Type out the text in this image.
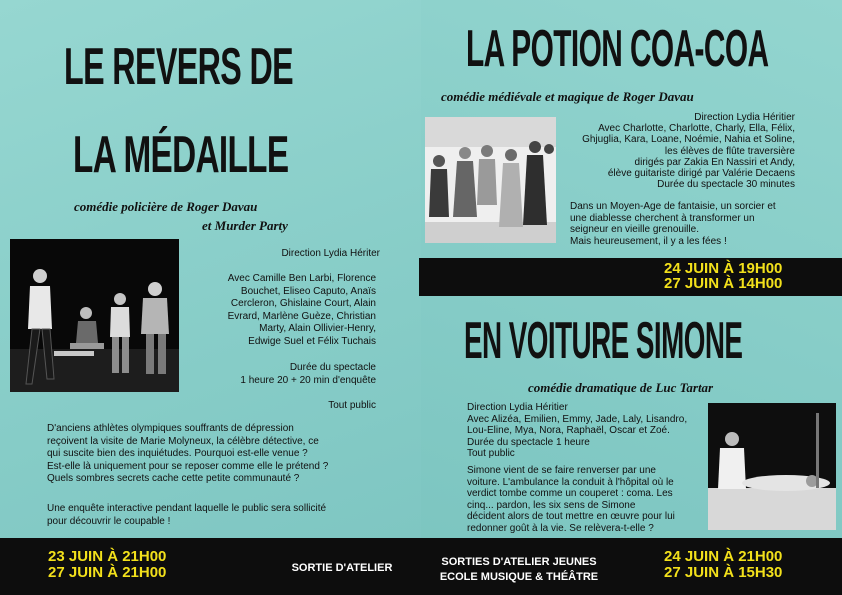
LE REVERS DE
LA MÉDAILLE
comédie policière de Roger Davau
et Murder Party
Direction Lydia Hériter
Avec Camille Ben Larbi, Florence
Bouchet, Eliseo Caputo, Anaïs
Cercleron, Ghislaine Court, Alain
Evrard, Marlène Guèze, Christian
Marty, Alain Ollivier-Henry,
Edwige Suel et Félix Tuchais
Durée du spectacle
1 heure 20 + 20 min d'enquête
Tout public
D'anciens athlètes olympiques souffrants de dépression
reçoivent la visite de Marie Molyneux, la célèbre détective, ce
qui suscite bien des inquiétudes. Pourquoi est-elle venue ?
Est-elle là uniquement pour se reposer comme elle le prétend ?
Quels sombres secrets cache cette petite communauté ?
Une enquête interactive pendant laquelle le public sera sollicité
pour découvrir le coupable !
LA POTION COA-COA
comédie médiévale et magique de Roger Davau
Direction Lydia Héritier
Avec Charlotte, Charlotte, Charly, Ella, Félix,
Ghjuglia, Kara, Loane, Noémie, Nahia et Soline,
les élèves de flûte traversière
dirigés par Zakia En Nassiri et Andy,
élève guitariste dirigé par Valérie Decaens
Durée du spectacle 30 minutes
Dans un Moyen-Age de fantaisie, un sorcier et
une diablesse cherchent à transformer un
seigneur en vieille grenouille.
Mais heureusement, il y a les fées !
24 JUIN À 19H00
27 JUIN À 14H00
EN VOITURE SIMONE
comédie dramatique de Luc Tartar
Direction Lydia Héritier
Avec Alizéa, Emilien, Emmy, Jade, Laly, Lisandro,
Lou-Eline, Mya, Nora, Raphaël, Oscar et Zoé.
Durée du spectacle 1 heure
Tout public
Simone vient de se faire renverser par une
voiture. L'ambulance la conduit à l'hôpital où le
verdict tombe comme un couperet : coma. Les
cinq... pardon, les six sens de Simone
décident alors de tout mettre en œuvre pour lui
redonner goût à la vie. Se relèvera-t-elle ?
23 JUIN À 21H00
27 JUIN À 21H00	SORTIE D'ATELIER	SORTIES D'ATELIER JEUNES
ECOLE MUSIQUE & THÉÂTRE
24 JUIN À 21H00
27 JUIN À 15H30
